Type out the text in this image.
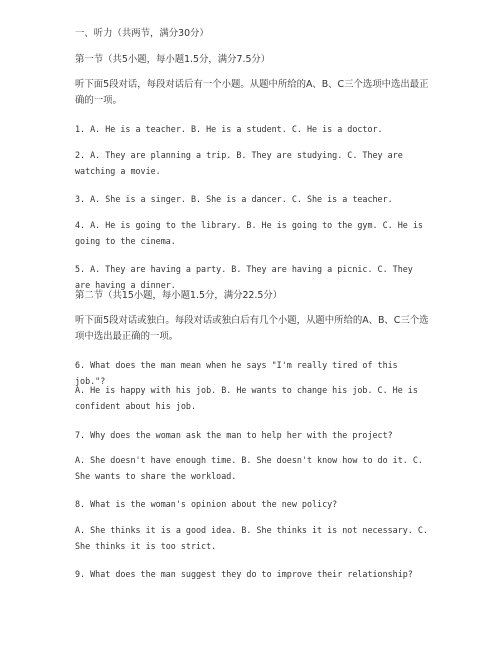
一、听力（共两节，满分30分）

第一节（共5小题，每小题1.5分，满分7.5分）

听下面5段对话，每段对话后有一个小题。从题中所给的A、B、C三个选项中选出最正确的一项。

1. A. He is a teacher. B. He is a student. C. He is a doctor.

2. A. They are planning a trip. B. They are studying. C. They are watching a movie.

3. A. She is a singer. B. She is a dancer. C. She is a teacher.

4. A. He is going to the library. B. He is going to the gym. C. He is going to the cinema.

5. A. They are having a party. B. They are having a picnic. C. They are having a dinner.

第二节（共15小题，每小题1.5分，满分22.5分）

听下面5段对话或独白。每段对话或独白后有几个小题，从题中所给的A、B、C三个选项中选出最正确的一项。

6. What does the man mean when he says "I'm really tired of this job."?

A. He is happy with his job. B. He wants to change his job. C. He is confident about his job.

7. Why does the woman ask the man to help her with the project?

A. She doesn't have enough time. B. She doesn't know how to do it. C. She wants to share the workload.

8. What is the woman's opinion about the new policy?

A. She thinks it is a good idea. B. She thinks it is not necessary. C. She thinks it is too strict.

9. What does the man suggest they do to improve their relationship?
